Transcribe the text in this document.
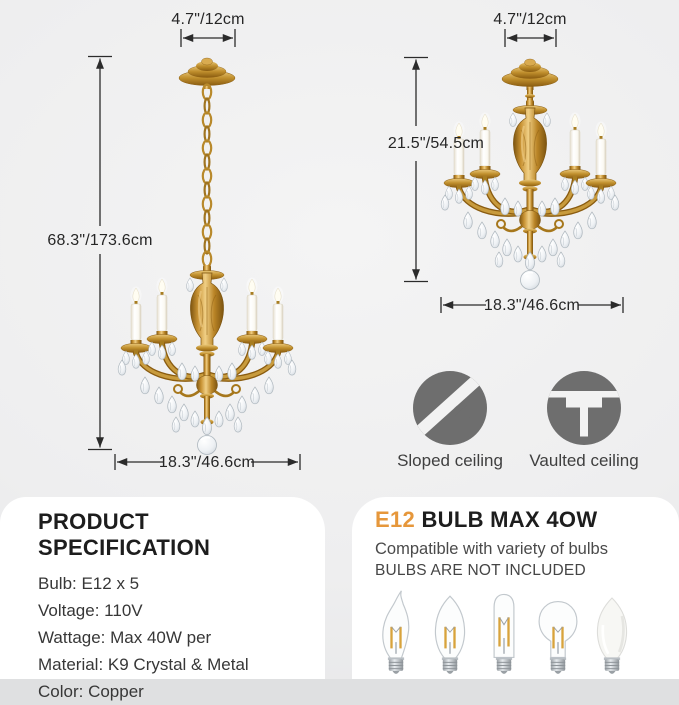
4.7"/12cm
68.3"/173.6cm
18.3"/46.6cm
4.7"/12cm
21.5"/54.5cm
18.3"/46.6cm
Sloped ceiling Vaulted ceiling
PRODUCT SPECIFICATION
Bulb: E12 x 5
Voltage: 110V
Wattage: Max 40W per
Material: K9 Crystal & Metal
Color: Copper
E12 BULB MAX 4OW
Compatible with variety of bulbs
BULBS ARE NOT INCLUDED
